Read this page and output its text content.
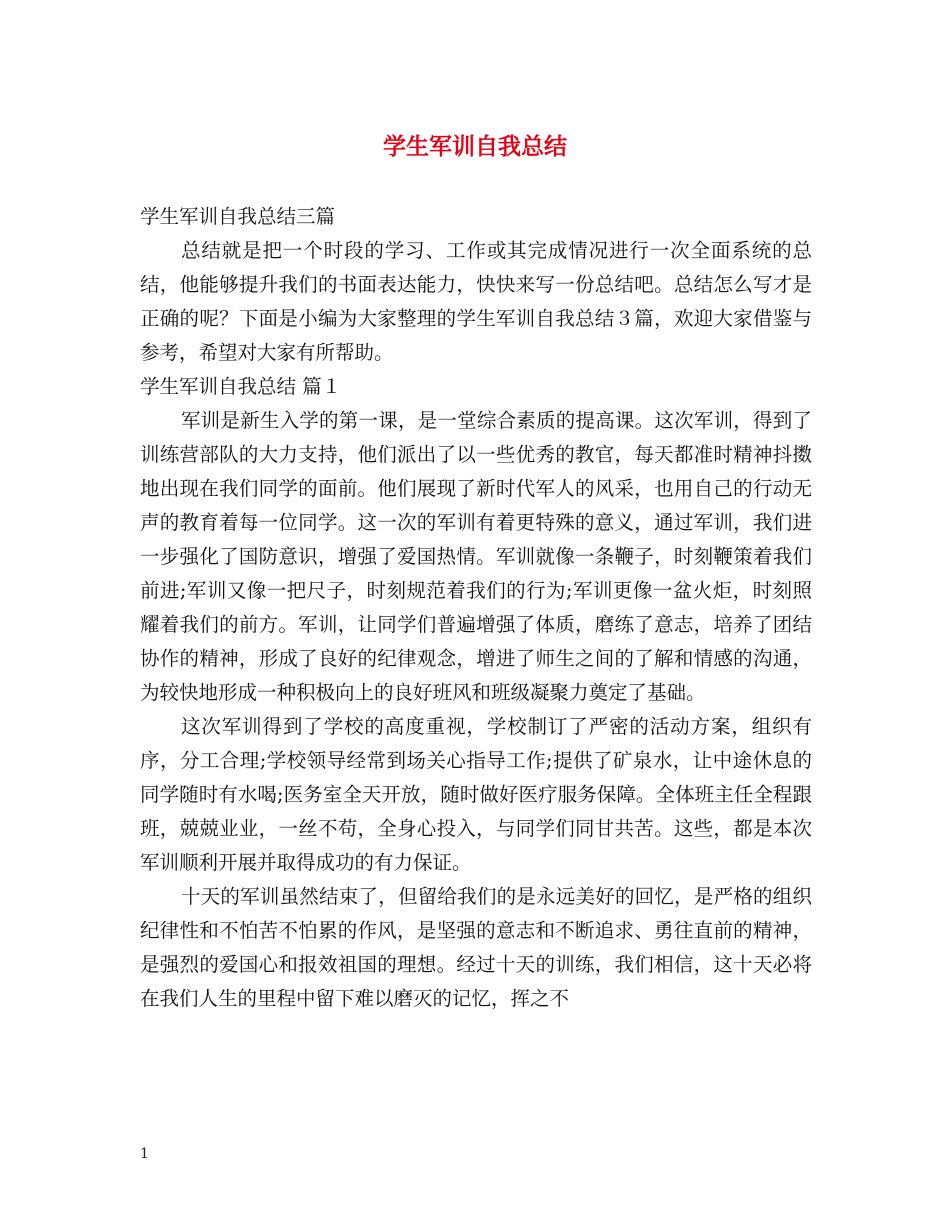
学生军训自我总结

学生军训自我总结三篇

总结就是把一个时段的学习、工作或其完成情况进行一次全面系统的总结，他能够提升我们的书面表达能力，快快来写一份总结吧。总结怎么写才是正确的呢？下面是小编为大家整理的学生军训自我总结３篇，欢迎大家借鉴与参考，希望对大家有所帮助。

学生军训自我总结 篇１

军训是新生入学的第一课，是一堂综合素质的提高课。这次军训，得到了训练营部队的大力支持，他们派出了以一些优秀的教官，每天都准时精神抖擞地出现在我们同学的面前。他们展现了新时代军人的风采，也用自己的行动无声的教育着每一位同学。这一次的军训有着更特殊的意义，通过军训，我们进一步强化了国防意识，增强了爱国热情。军训就像一条鞭子，时刻鞭策着我们前进;军训又像一把尺子，时刻规范着我们的行为;军训更像一盆火炬，时刻照耀着我们的前方。军训，让同学们普遍增强了体质，磨练了意志，培养了团结协作的精神，形成了良好的纪律观念，增进了师生之间的了解和情感的沟通，为较快地形成一种积极向上的良好班风和班级凝聚力奠定了基础。

这次军训得到了学校的高度重视，学校制订了严密的活动方案，组织有序，分工合理;学校领导经常到场关心指导工作;提供了矿泉水，让中途休息的同学随时有水喝;医务室全天开放，随时做好医疗服务保障。全体班主任全程跟班，兢兢业业，一丝不苟，全身心投入，与同学们同甘共苦。这些，都是本次军训顺利开展并取得成功的有力保证。

十天的军训虽然结束了，但留给我们的是永远美好的回忆，是严格的组织纪律性和不怕苦不怕累的作风，是坚强的意志和不断追求、勇往直前的精神，是强烈的爱国心和报效祖国的理想。经过十天的训练，我们相信，这十天必将在我们人生的里程中留下难以磨灭的记忆，挥之不

1
